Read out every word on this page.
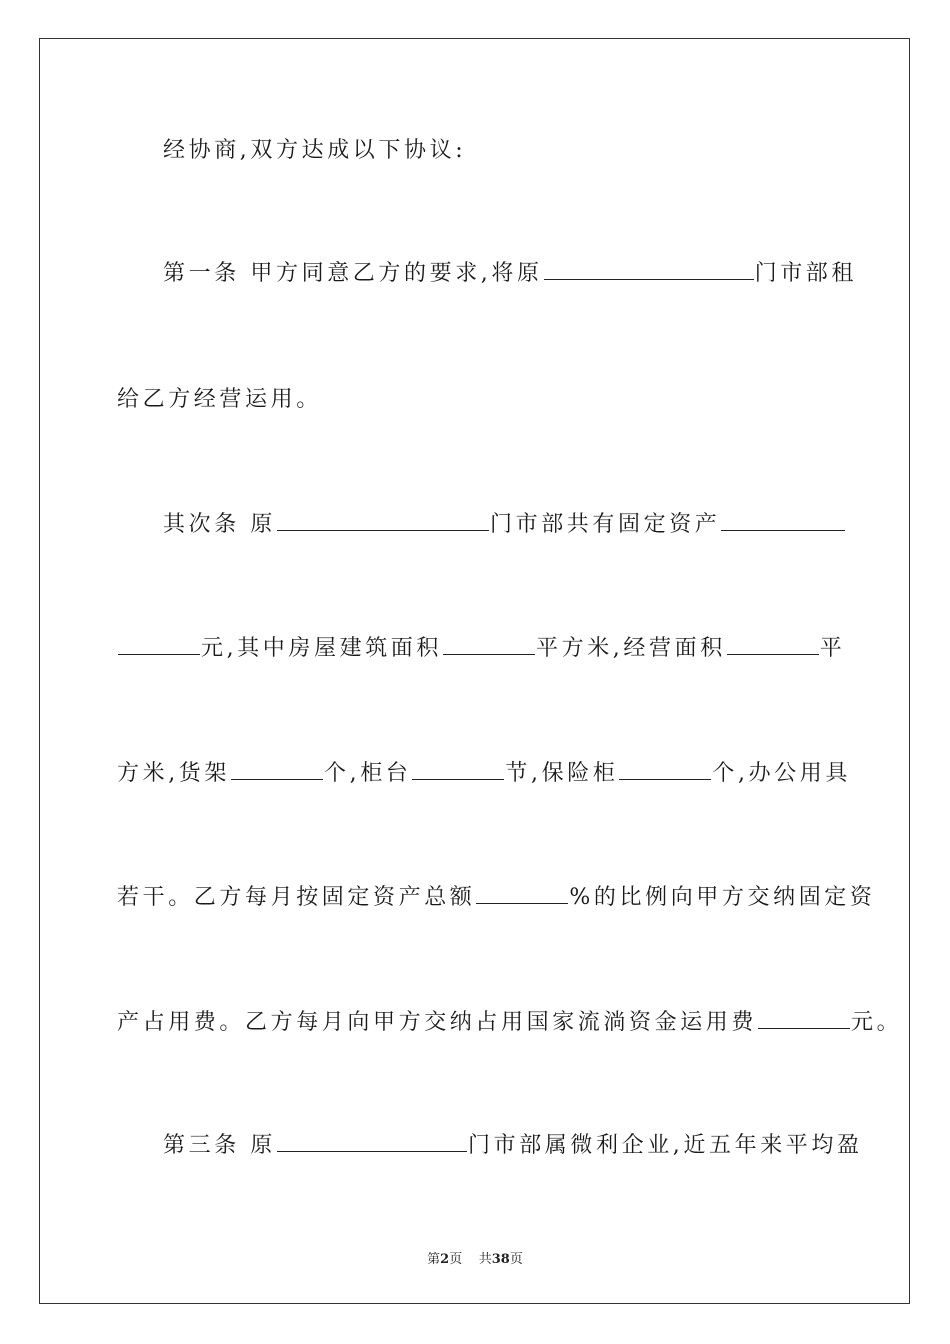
经协商,双方达成以下协议:
第一条 甲方同意乙方的要求,将原	门市部租
给乙方经营运用。
其次条 原	门市部共有固定资产
元,其中房屋建筑面积	平方米,经营面积	平
方米,货架	个,柜台	节,保险柜	个,办公用具
若干。乙方每月按固定资产总额	%的比例向甲方交纳固定资
产占用费。乙方每月向甲方交纳占用国家流淌资金运用费	元。
第三条 原	门市部属微利企业,近五年来平均盈
第2页    共38页
